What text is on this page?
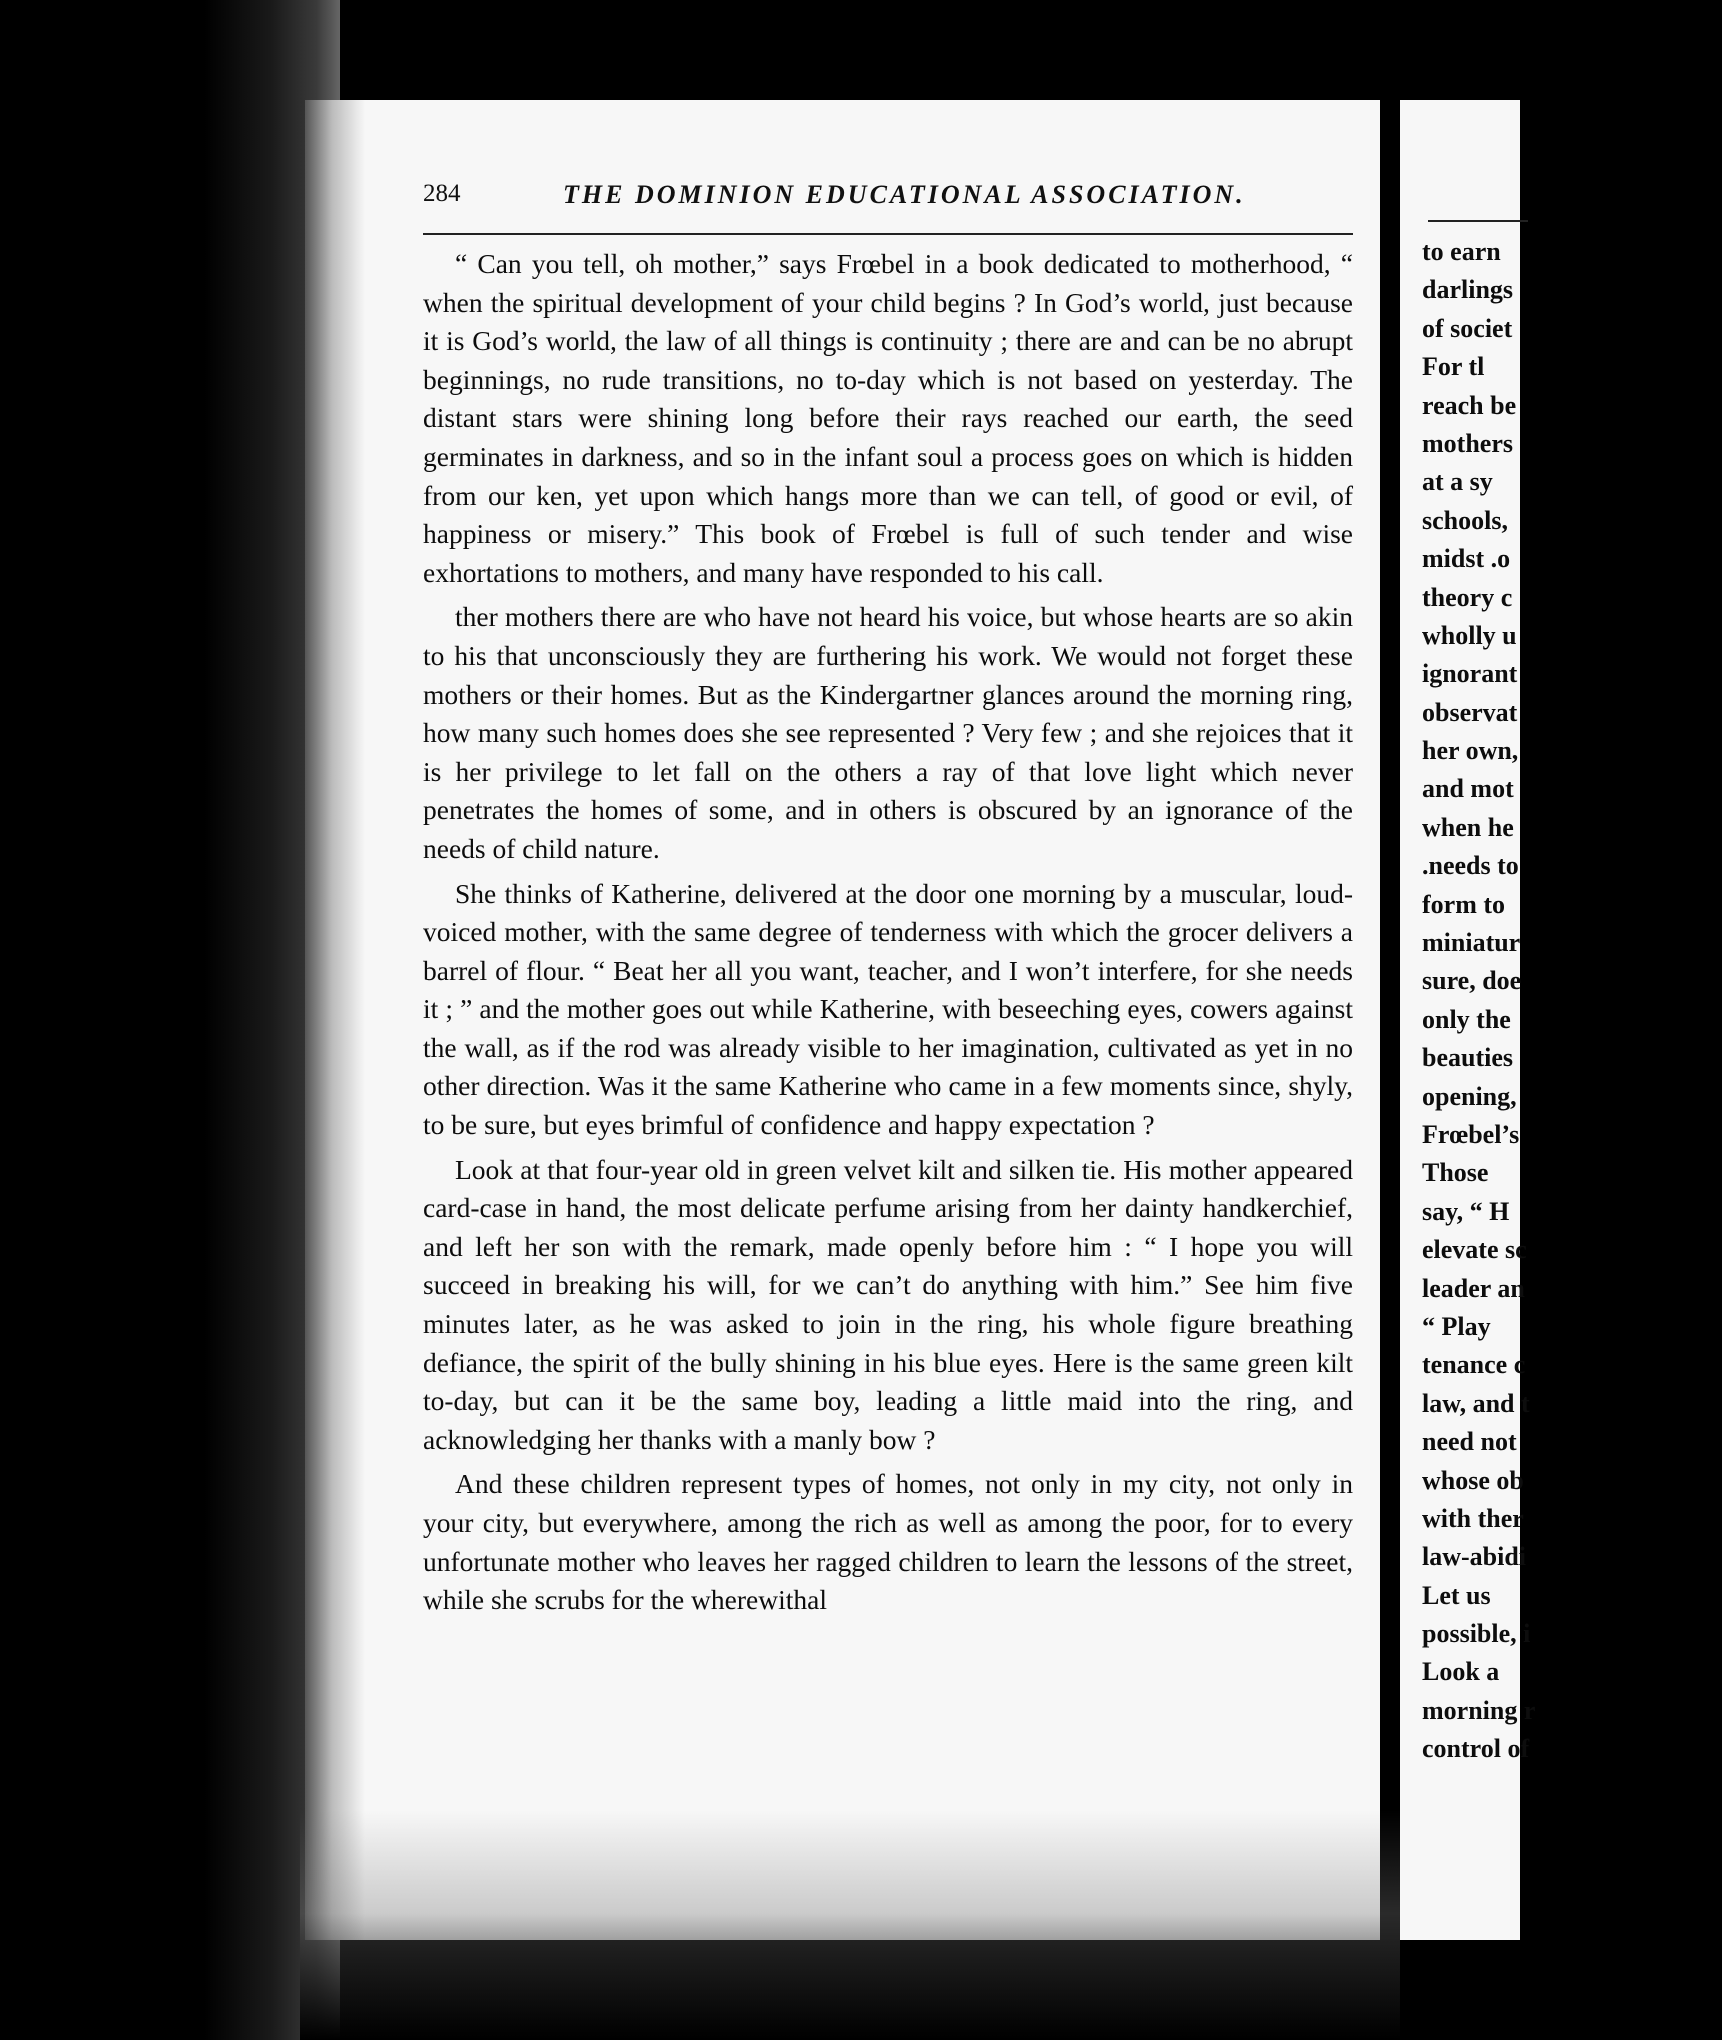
284	THE DOMINION EDUCATIONAL ASSOCIATION.

“ Can you tell, oh mother,” says Frœbel in a book dedicated to motherhood, “ when the spiritual development of your child begins ? In God’s world, just because it is God’s world, the law of all things is continuity ; there are and can be no abrupt beginnings, no rude transitions, no to-day which is not based on yesterday. The distant stars were shining long before their rays reached our earth, the seed germinates in darkness, and so in the infant soul a process goes on which is hidden from our ken, yet upon which hangs more than we can tell, of good or evil, of happiness or misery.” This book of Frœbel is full of such tender and wise exhortations to mothers, and many have responded to his call.

ther mothers there are who have not heard his voice, but whose hearts are so akin to his that unconsciously they are furthering his work. We would not forget these mothers or their homes. But as the Kindergartner glances around the morning ring, how many such homes does she see represented ? Very few ; and she rejoices that it is her privilege to let fall on the others a ray of that love light which never penetrates the homes of some, and in others is obscured by an ignorance of the needs of child nature.

She thinks of Katherine, delivered at the door one morning by a muscular, loud-voiced mother, with the same degree of tenderness with which the grocer delivers a barrel of flour. “ Beat her all you want, teacher, and I won’t interfere, for she needs it ; ” and the mother goes out while Katherine, with beseeching eyes, cowers against the wall, as if the rod was already visible to her imagination, cultivated as yet in no other direction. Was it the same Katherine who came in a few moments since, shyly, to be sure, but eyes brimful of confidence and happy expectation ?

Look at that four-year old in green velvet kilt and silken tie. His mother appeared card-case in hand, the most delicate perfume arising from her dainty handkerchief, and left her son with the remark, made openly before him : “ I hope you will succeed in breaking his will, for we can’t do anything with him.” See him five minutes later, as he was asked to join in the ring, his whole figure breathing defiance, the spirit of the bully shining in his blue eyes. Here is the same green kilt to-day, but can it be the same boy, leading a little maid into the ring, and acknowledging her thanks with a manly bow ?

And these children represent types of homes, not only in my city, not only in your city, but everywhere, among the rich as well as among the poor, for to every unfortunate mother who leaves her ragged children to learn the lessons of the street, while she scrubs for the wherewithal

to earn
darlings
of societ
For tl
reach be
mothers
at a sy
schools,
midst .o
theory c
wholly u
ignorant
observat
her own,
and mot
when he
.needs to
form to
miniatur
sure, doe
only the
beauties
opening,
Frœbel’s
Those
say, “ H
elevate sc
leader an
“ Play
tenance c
law, and t
need not
whose ob
with ther
law-abidi
Let us
possible, i
Look a
morning r
control of
